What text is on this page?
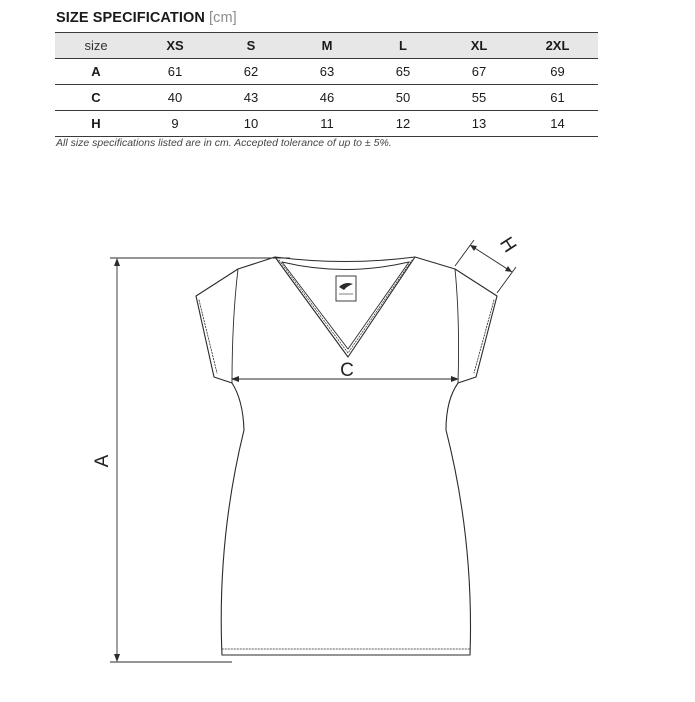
SIZE SPECIFICATION [cm]
size	XS	S	M	L	XL	2XL
A	61	62	63	65	67	69
C	40	43	46	50	55	61
H	9	10	11	12	13	14
All size specifications listed are in cm. Accepted tolerance of up to ± 5%.
A
C
H
